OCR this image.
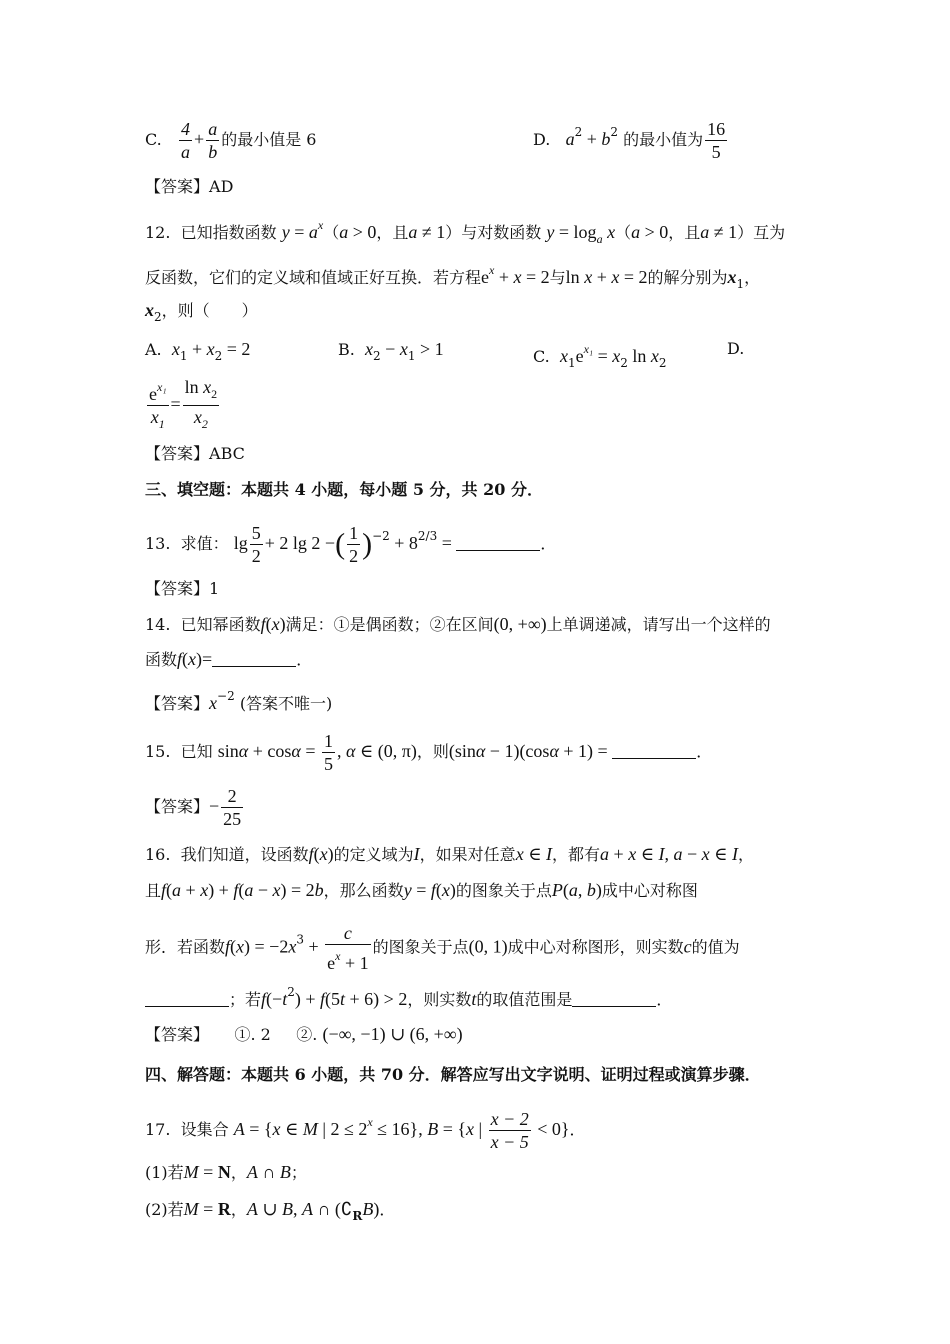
C. $\frac{4}{a} + \frac{a}{b}$ 的最小值是 6	D. $a^2 + b^2$ 的最小值为 $\frac{16}{5}$
【答案】AD
12. 已知指数函数 $y = a^x(a > 0$，且a ≠ 1）与对数函数 $y = \log_a x(a > 0$，且a ≠ 1）互为
反函数，它们的定义域和值域正好互换．若方程$e^x + x = 2$与ln x + x = 2的解分别为$x_1$，
$x_2$，则（　　）
A. $x_1 + x_2 = 2$	B. $x_2 - x_1 > 1$	C. $x_1e^{x_1} = x_2$ $\ln x_2$
D.
$\frac{e^{x_1}}{x_1} = \frac{\ln x_2}{x_2}$
【答案】ABC
三、填空题：本题共 4 小题，每小题 5 分，共 20 分．
13. 求值： $\lg \frac{5}{2} + 2$ lg 2 −( $\frac{1}{2} )^{-2} + 8^{2/3}$ =	．
【答案】1
14. 已知幂函数f(x)满足：①是偶函数；②在区间(0, +∞)上单调递减，请写出一个这样的
函数f(x)=	．
【答案】$x^{-2}$ (答案不唯一)
15. 已知 $\sin\alpha + \cos\alpha = \frac{1}{5}$ , α ∈ (0, π)，则(sinα − 1)(cosα + 1) =	．
【答案】− $\frac{2}{25}$
16. 我们知道，设函数f(x)的定义域为I，如果对任意x ∈ I，都有a + x ∈ I, a − x ∈ I，
且f(a + x) + f(a − x) = 2b，那么函数y = f(x)的图象关于点P(a, b)成中心对称图
形．若函数$f(x) = -2x^3 + \frac{c}{e^x + 1}$ 的图象关于点(0, 1)成中心对称图形，则实数c的值为
；若$f(-t^2) + f(5t + 6) > 2$，则实数t的取值范围是	．
【答案】 ①. 2 ②. (−∞, −1) ∪ (6, +∞)
四、解答题：本题共 6 小题，共 70 分．解答应写出文字说明、证明过程或演算步骤．
17. 设集合 A = {x ∈ M | $2 \le 2^x \le 16$}, B = {x | $\frac{x - 2}{x - 5} < 0$}．
(1)若M = N，A ∩ B；
(2)若M = R，A ∪ B, A ∩ $(∁_RB)$．
